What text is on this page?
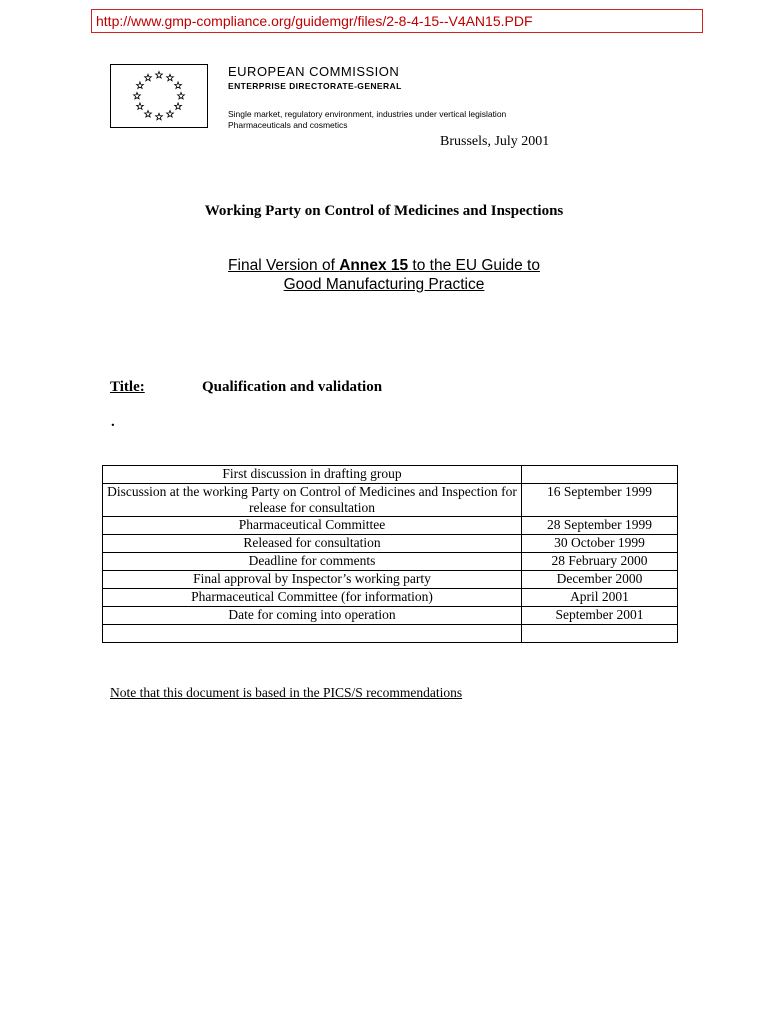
http://www.gmp-compliance.org/guidemgr/files/2-8-4-15--V4AN15.PDF
EUROPEAN COMMISSION
ENTERPRISE DIRECTORATE-GENERAL
Single market, regulatory environment, industries under vertical legislation
Pharmaceuticals and cosmetics
Brussels, July 2001
Working Party on Control of Medicines and Inspections
Final Version of Annex 15 to the EU Guide to
Good Manufacturing Practice
Title:	Qualification and validation
.
First discussion in drafting group	
Discussion at the working Party on Control of Medicines and Inspection for release for consultation	16 September 1999
Pharmaceutical Committee	28 September 1999
Released for consultation	30 October 1999
Deadline for comments	28 February 2000
Final approval by Inspector’s working party	December 2000
Pharmaceutical Committee (for information)	April 2001
Date for coming into operation	September 2001

Note that this document is based in the PICS/S recommendations
